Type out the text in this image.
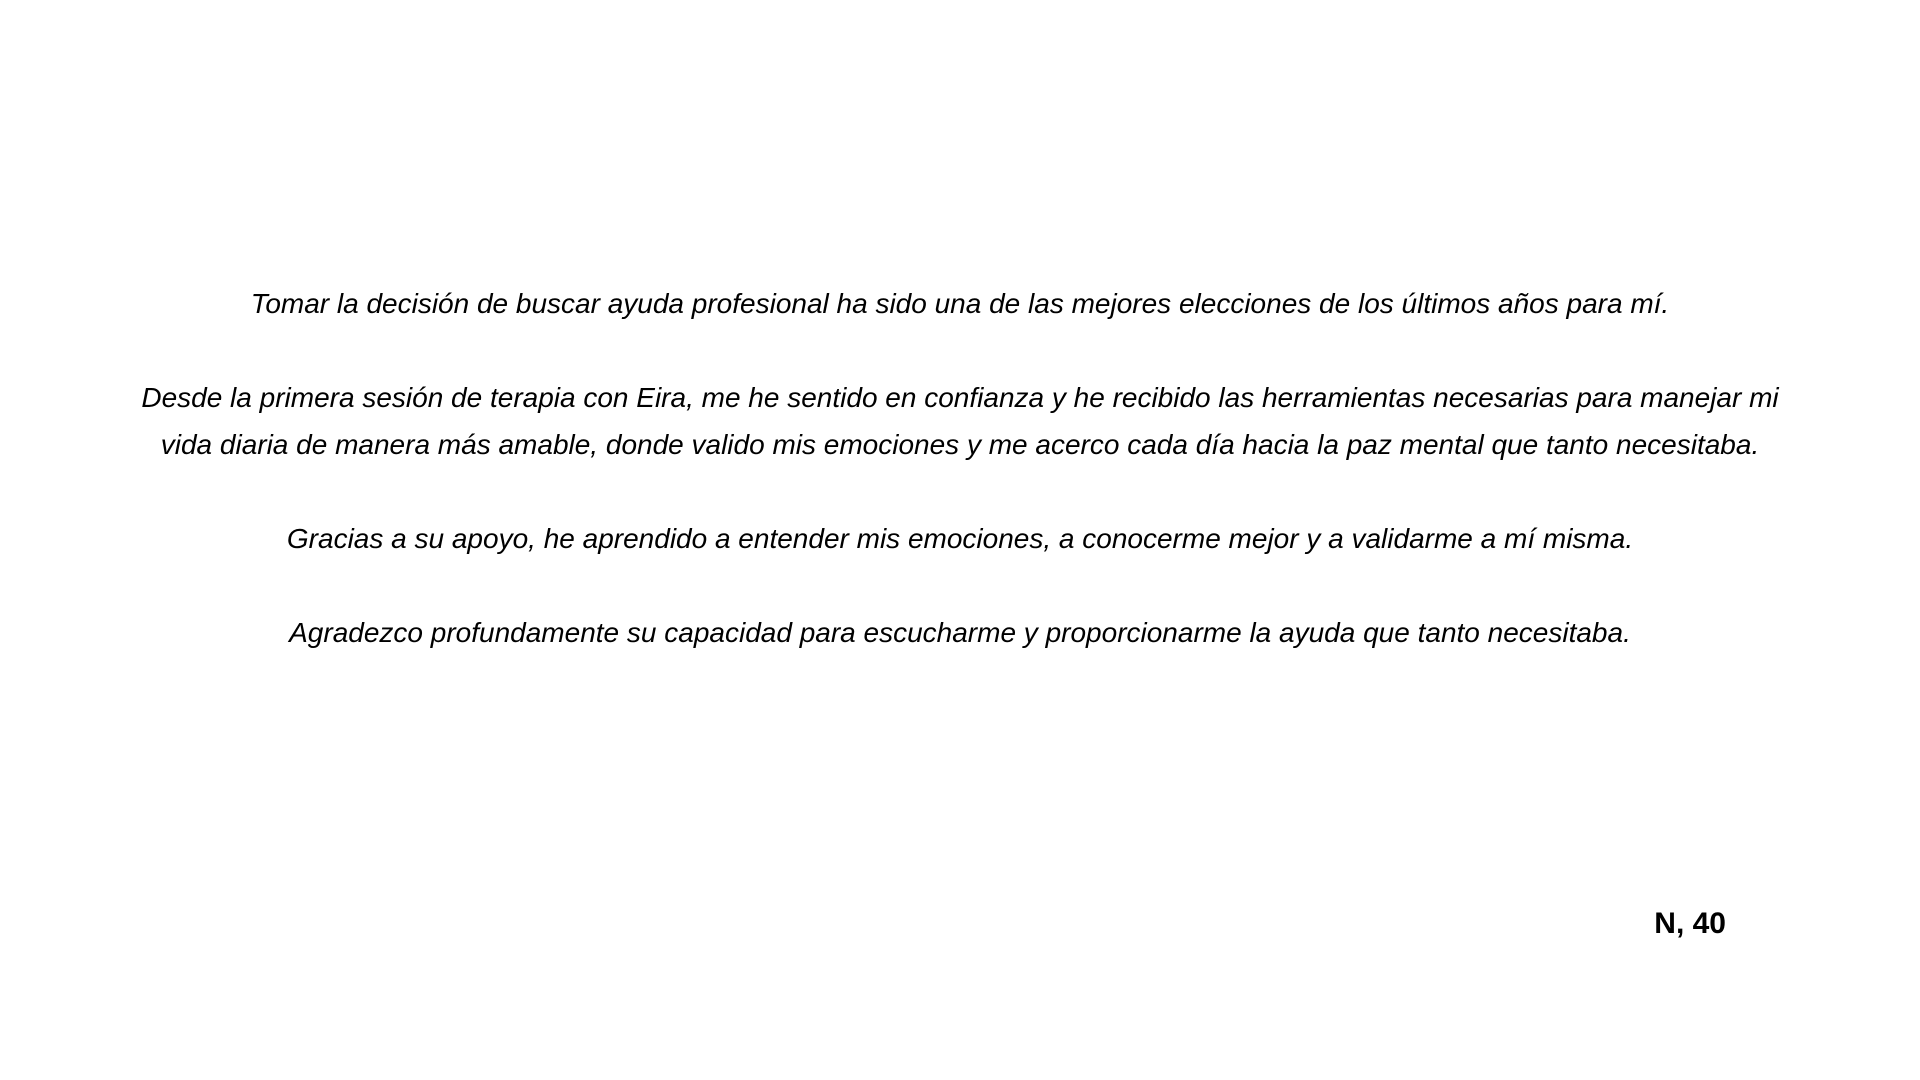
Tomar la decisión de buscar ayuda profesional ha sido una de las mejores elecciones de los últimos años para mí.

Desde la primera sesión de terapia con Eira, me he sentido en confianza y he recibido las herramientas necesarias para manejar mi vida diaria de manera más amable, donde valido mis emociones y me acerco cada día hacia la paz mental que tanto necesitaba.

Gracias a su apoyo, he aprendido a entender mis emociones, a conocerme mejor y a validarme a mí misma.

Agradezco profundamente su capacidad para escucharme y proporcionarme la ayuda que tanto necesitaba.

N, 40
